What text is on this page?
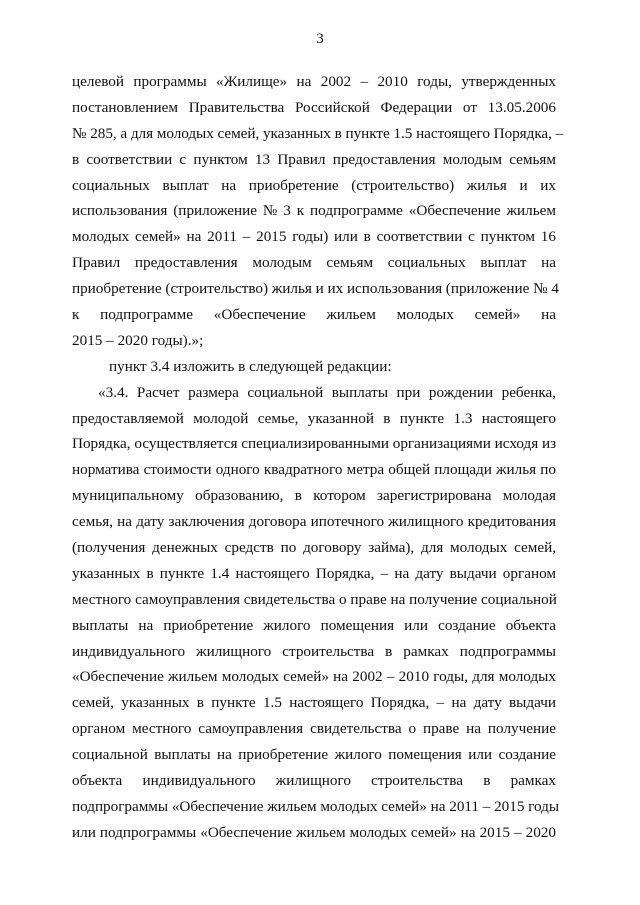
3
целевой программы «Жилище» на 2002 – 2010 годы, утвержденных
постановлением Правительства Российской Федерации от 13.05.2006
№ 285, а для молодых семей, указанных в пункте 1.5 настоящего Порядка, –
в соответствии с пунктом 13 Правил предоставления молодым семьям
социальных выплат на приобретение (строительство) жилья и их
использования (приложение № 3 к подпрограмме «Обеспечение жильем
молодых семей» на 2011 – 2015 годы) или в соответствии с пунктом 16
Правил предоставления молодым семьям социальных выплат на
приобретение (строительство) жилья и их использования (приложение № 4
к подпрограмме «Обеспечение жильем молодых семей» на
2015 – 2020 годы).»;
пункт 3.4 изложить в следующей редакции:
«3.4. Расчет размера социальной выплаты при рождении ребенка,
предоставляемой молодой семье, указанной в пункте 1.3 настоящего
Порядка, осуществляется специализированными организациями исходя из
норматива стоимости одного квадратного метра общей площади жилья по
муниципальному образованию, в котором зарегистрирована молодая
семья, на дату заключения договора ипотечного жилищного кредитования
(получения денежных средств по договору займа), для молодых семей,
указанных в пункте 1.4 настоящего Порядка, – на дату выдачи органом
местного самоуправления свидетельства о праве на получение социальной
выплаты на приобретение жилого помещения или создание объекта
индивидуального жилищного строительства в рамках подпрограммы
«Обеспечение жильем молодых семей» на 2002 – 2010 годы, для молодых
семей, указанных в пункте 1.5 настоящего Порядка, – на дату выдачи
органом местного самоуправления свидетельства о праве на получение
социальной выплаты на приобретение жилого помещения или создание
объекта индивидуального жилищного строительства в рамках
подпрограммы «Обеспечение жильем молодых семей» на 2011 – 2015 годы
или подпрограммы «Обеспечение жильем молодых семей» на 2015 – 2020
